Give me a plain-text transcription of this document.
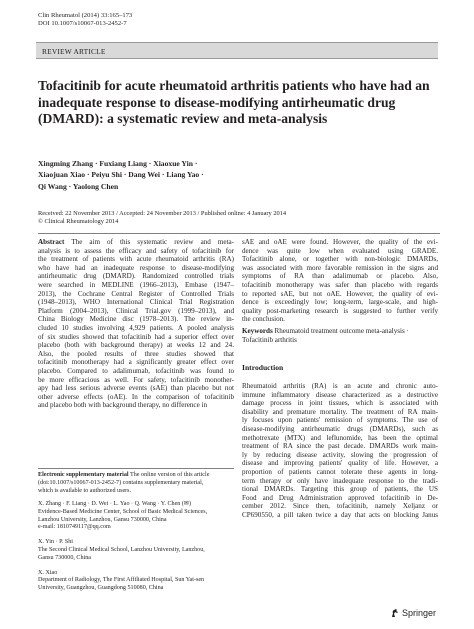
Clin Rheumatol (2014) 33:165–173
DOI 10.1007/s10067-013-2452-7
REVIEW ARTICLE
Tofacitinib for acute rheumatoid arthritis patients who have had an inadequate response to disease-modifying antirheumatic drug (DMARD): a systematic review and meta-analysis
Xingming Zhang · Fuxiang Liang · Xiaoxue Yin ·
Xiaojuan Xiao · Peiyu Shi · Dang Wei · Liang Yao ·
Qi Wang · Yaolong Chen
Received: 22 November 2013 / Accepted: 24 November 2013 / Published online: 4 January 2014
© Clinical Rheumatology 2014

Abstract The aim of this systematic review and meta-

analysis is to assess the efficacy and safety of tofacitinib for

the treatment of patients with acute rheumatoid arthritis (RA)

who have had an inadequate response to disease-modifying

antirheumatic drug (DMARD). Randomized controlled trials

were searched in MEDLINE (1966–2013), Embase (1947–

2013), the Cochrane Central Register of Controlled Trials

(1948–2013), WHO International Clinical Trial Registration

Platform (2004–2013), Clinical Trial.gov (1999–2013), and

China Biology Medicine disc (1978–2013). The review in-

cluded 10 studies involving 4,929 patients. A pooled analysis

of six studies showed that tofacitinib had a superior effect over

placebo (both with background therapy) at weeks 12 and 24.

Also, the pooled results of three studies showed that

tofacitinib monotherapy had a significantly greater effect over

placebo. Compared to adalimumab, tofacitinib was found to

be more efficacious as well. For safety, tofacitinib monother-

apy had less serious adverse events (sAE) than placebo but not

other adverse effects (oAE). In the comparison of tofacitinib

and placebo both with background therapy, no difference in

Electronic supplementary material The online version of this article

(doi:10.1007/s10067-013-2452-7) contains supplementary material,

which is available to authorized users.

X. Zhang · F. Liang · D. Wei · L. Yao · Q. Wang · Y. Chen (✉)

Evidence-Based Medicine Center, School of Basic Medical Sciences,

Lanzhou University, Lanzhou, Gansu 730000, China

e-mail: 1810749117@qq.com

X. Yin · P. Shi

The Second Clinical Medical School, Lanzhou University, Lanzhou,

Gansu 730000, China

X. Xiao

Department of Radiology, The First Affiliated Hospital, Sun Yat-sen

University, Guangzhou, Guangdong 510080, China

sAE and oAE were found. However, the quality of the evi-

dence was quite low when evaluated using GRADE.

Tofacitinib alone, or together with non-biologic DMARDs,

was associated with more favorable remission in the signs and

symptoms of RA than adalimumab or placebo. Also,

tofacitinib monotherapy was safer than placebo with regards

to reported sAE, but not oAE. However, the quality of evi-

dence is exceedingly low; long-term, large-scale, and high-

quality post-marketing research is suggested to further verify

the conclusion.

Keywords Rheumatoid treatment outcome meta-analysis ·

Tofacitinib arthritis

Introduction

Rheumatoid arthritis (RA) is an acute and chronic auto-

immune inflammatory disease characterized as a destructive

damage process in joint tissues, which is associated with

disability and premature mortality. The treatment of RA main-

ly focuses upon patients' remission of symptoms. The use of

disease-modifying antirheumatic drugs (DMARDs), such as

methotrexate (MTX) and leflunomide, has been the optimal

treatment of RA since the past decade. DMARDs work main-

ly by reducing disease activity, slowing the progression of

disease and improving patients' quality of life. However, a

proportion of patients cannot tolerate these agents in long-

term therapy or only have inadequate response to the tradi-

tional DMARDs. Targeting this group of patients, the US

Food and Drug Administration approved tofacitinib in De-

cember 2012. Since then, tofacitinib, namely Xeljanz or

CP690550, a pill taken twice a day that acts on blocking Janus

Springer
